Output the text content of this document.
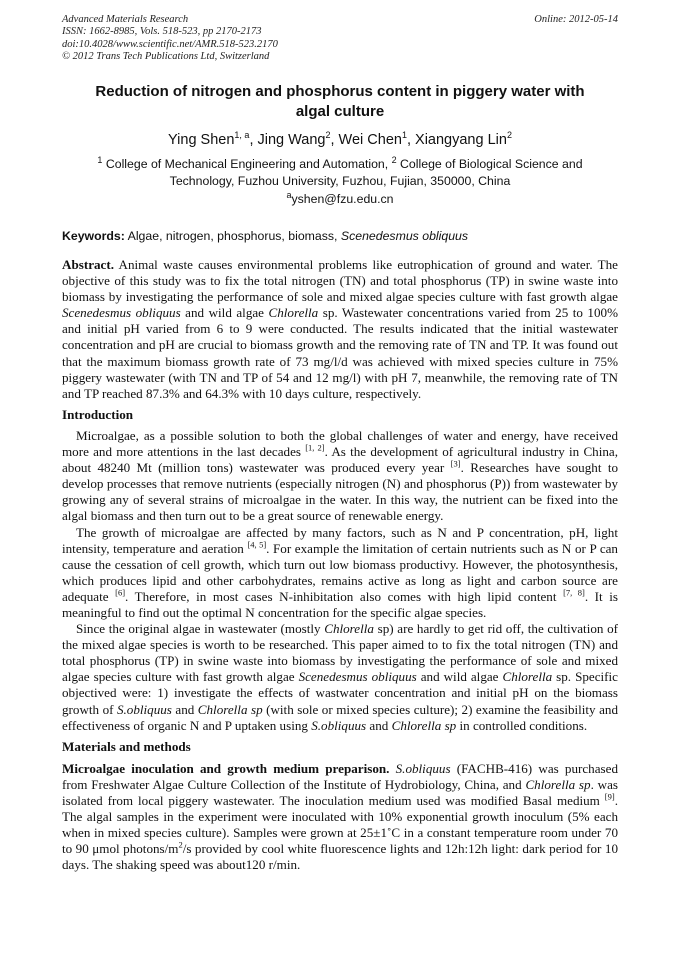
Advanced Materials Research
ISSN: 1662-8985, Vols. 518-523, pp 2170-2173
doi:10.4028/www.scientific.net/AMR.518-523.2170
© 2012 Trans Tech Publications Ltd, Switzerland
Online: 2012-05-14
Reduction of nitrogen and phosphorus content in piggery water with
algal culture
Ying Shen$^{1, a}$, Jing Wang$^2$, Wei Chen$^1$, Xiangyang Lin$^2$
$^1$ College of Mechanical Engineering and Automation, $^2$ College of Biological Science and
Technology, Fuzhou University, Fuzhou, Fujian, 350000, China
$^a$yshen@fzu.edu.cn
Keywords: Algae, nitrogen, phosphorus, biomass, Scenedesmus obliquus

Abstract. Animal waste causes environmental problems like eutrophication of ground and water. The objective of this study was to fix the total nitrogen (TN) and total phosphorus (TP) in swine waste into biomass by investigating the performance of sole and mixed algae species culture with fast growth algae Scenedesmus obliquus and wild algae Chlorella sp. Wastewater concentrations varied from 25 to 100% and initial pH varied from 6 to 9 were conducted. The results indicated that the initial wastewater concentration and pH are crucial to biomass growth and the removing rate of TN and TP. It was found out that the maximum biomass growth rate of 73 mg/l/d was achieved with mixed species culture in 75% piggery wastewater (with TN and TP of 54 and 12 mg/l) with pH 7, meanwhile, the removing rate of TN and TP reached 87.3% and 64.3% with 10 days culture, respectively.

Introduction

Microalgae, as a possible solution to both the global challenges of water and energy, have received more and more attentions in the last decades [1, 2]. As the development of agricultural industry in China, about 48240 Mt (million tons) wastewater was produced every year [3]. Researches have sought to develop processes that remove nutrients (especially nitrogen (N) and phosphorus (P)) from wastewater by growing any of several strains of microalgae in the water. In this way, the nutrient can be fixed into the algal biomass and then turn out to be a great source of renewable energy.

The growth of microalgae are affected by many factors, such as N and P concentration, pH, light intensity, temperature and aeration [4, 5]. For example the limitation of certain nutrients such as N or P can cause the cessation of cell growth, which turn out low biomass productivy. However, the photosynthesis, which produces lipid and other carbohydrates, remains active as long as light and carbon source are adequate [6]. Therefore, in most cases N-inhibitation also comes with high lipid content [7, 8]. It is meaningful to find out the optimal N concentration for the specific algae species.

Since the original algae in wastewater (mostly Chlorella sp) are hardly to get rid off, the cultivation of the mixed algae species is worth to be researched. This paper aimed to to fix the total nitrogen (TN) and total phosphorus (TP) in swine waste into biomass by investigating the performance of sole and mixed algae species culture with fast growth algae Scenedesmus obliquus and wild algae Chlorella sp. Specific objectived were: 1) investigate the effects of wastwater concentration and initial pH on the biomass growth of S.obliquus and Chlorella sp (with sole or mixed species culture); 2) examine the feasibility and effectiveness of organic N and P uptaken using S.obliquus and Chlorella sp in controlled conditions.

Materials and methods

Microalgae inoculation and growth medium preparison. S.obliquus (FACHB-416) was purchased from Freshwater Algae Culture Collection of the Institute of Hydrobiology, China, and Chlorella sp. was isolated from local piggery wastewater. The inoculation medium used was modified Basal medium [9]. The algal samples in the experiment were inoculated with 10% exponential growth inoculum (5% each when in mixed species culture). Samples were grown at 25±1˚C in a constant temperature room under 70 to 90 μmol photons/$m^2/s$ provided by cool white fluorescence lights and 12h:12h light: dark period for 10 days. The shaking speed was about120 r/min.
